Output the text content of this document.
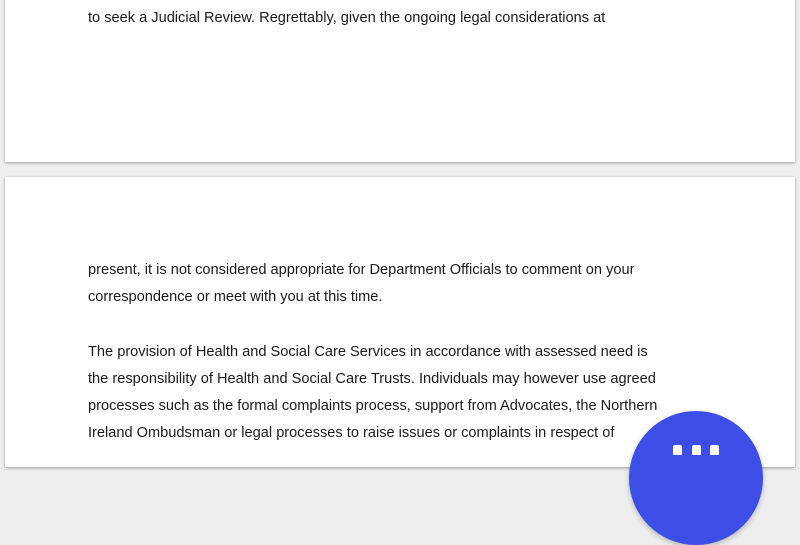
to seek a Judicial Review. Regrettably, given the ongoing legal considerations at

present, it is not considered appropriate for Department Officials to comment on your

correspondence or meet with you at this time.

The provision of Health and Social Care Services in accordance with assessed need is

the responsibility of Health and Social Care Trusts. Individuals may however use agreed

processes such as the formal complaints process, support from Advocates, the Northern

Ireland Ombudsman or legal processes to raise issues or complaints in respect of
